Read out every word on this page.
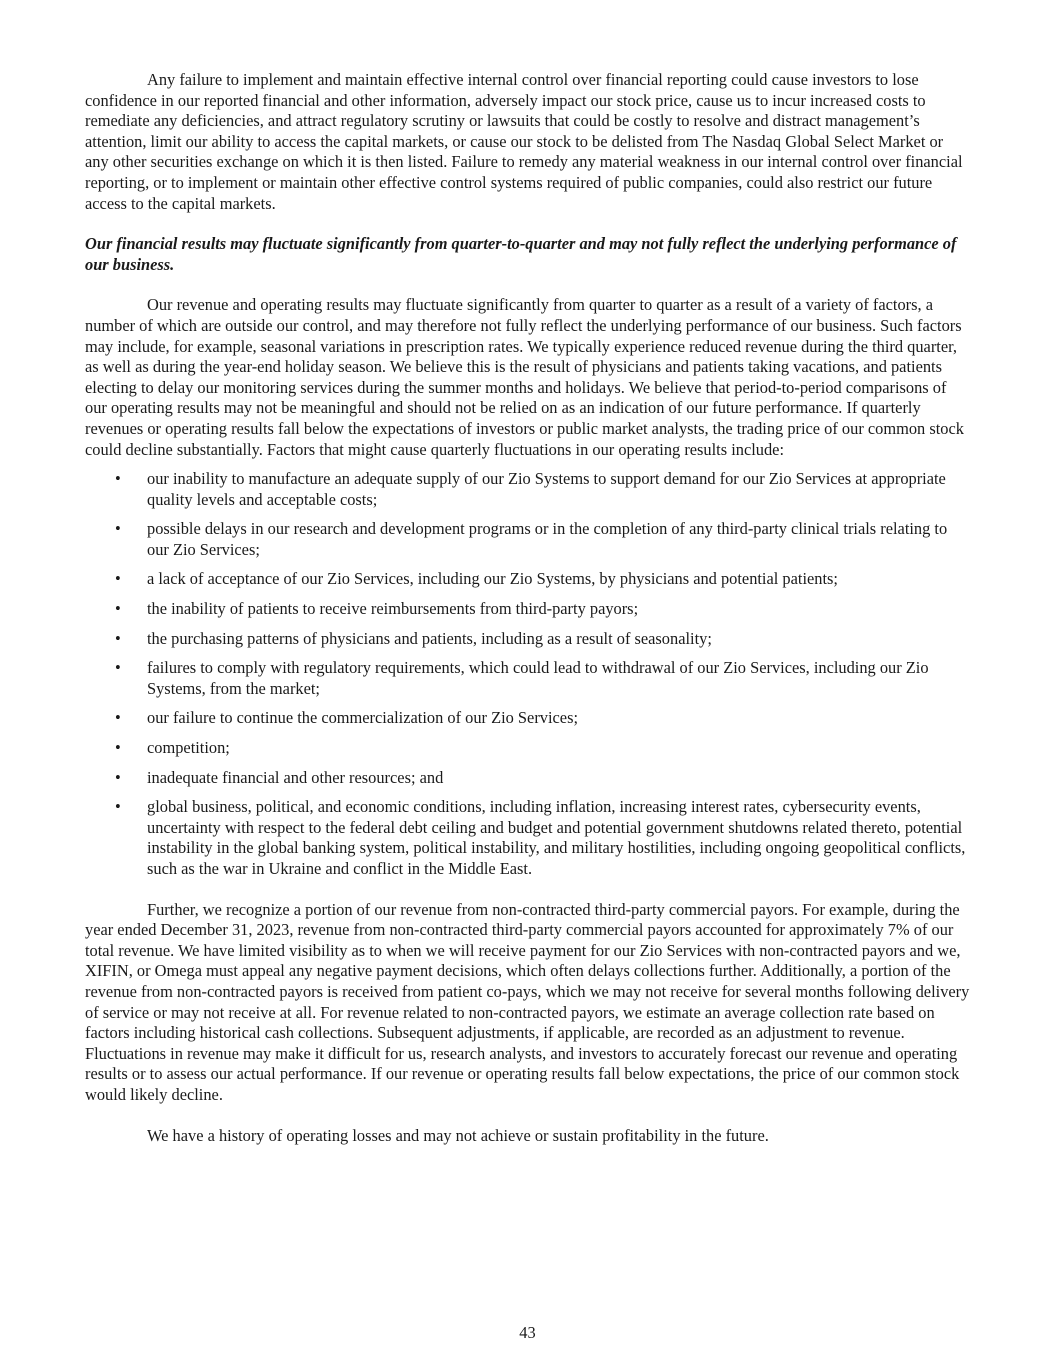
Any failure to implement and maintain effective internal control over financial reporting could cause investors to lose confidence in our reported financial and other information, adversely impact our stock price, cause us to incur increased costs to remediate any deficiencies, and attract regulatory scrutiny or lawsuits that could be costly to resolve and distract management’s attention, limit our ability to access the capital markets, or cause our stock to be delisted from The Nasdaq Global Select Market or any other securities exchange on which it is then listed. Failure to remedy any material weakness in our internal control over financial reporting, or to implement or maintain other effective control systems required of public companies, could also restrict our future access to the capital markets.

Our financial results may fluctuate significantly from quarter-to-quarter and may not fully reflect the underlying performance of our business.

Our revenue and operating results may fluctuate significantly from quarter to quarter as a result of a variety of factors, a number of which are outside our control, and may therefore not fully reflect the underlying performance of our business. Such factors may include, for example, seasonal variations in prescription rates. We typically experience reduced revenue during the third quarter, as well as during the year-end holiday season. We believe this is the result of physicians and patients taking vacations, and patients electing to delay our monitoring services during the summer months and holidays. We believe that period-to-period comparisons of our operating results may not be meaningful and should not be relied on as an indication of our future performance. If quarterly revenues or operating results fall below the expectations of investors or public market analysts, the trading price of our common stock could decline substantially. Factors that might cause quarterly fluctuations in our operating results include:

• our inability to manufacture an adequate supply of our Zio Systems to support demand for our Zio Services at appropriate quality levels and acceptable costs;
• possible delays in our research and development programs or in the completion of any third-party clinical trials relating to our Zio Services;
• a lack of acceptance of our Zio Services, including our Zio Systems, by physicians and potential patients;
• the inability of patients to receive reimbursements from third-party payors;
• the purchasing patterns of physicians and patients, including as a result of seasonality;
• failures to comply with regulatory requirements, which could lead to withdrawal of our Zio Services, including our Zio Systems, from the market;
• our failure to continue the commercialization of our Zio Services;
• competition;
• inadequate financial and other resources; and
• global business, political, and economic conditions, including inflation, increasing interest rates, cybersecurity events, uncertainty with respect to the federal debt ceiling and budget and potential government shutdowns related thereto, potential instability in the global banking system, political instability, and military hostilities, including ongoing geopolitical conflicts, such as the war in Ukraine and conflict in the Middle East.

Further, we recognize a portion of our revenue from non-contracted third-party commercial payors. For example, during the year ended December 31, 2023, revenue from non-contracted third-party commercial payors accounted for approximately 7% of our total revenue. We have limited visibility as to when we will receive payment for our Zio Services with non-contracted payors and we, XIFIN, or Omega must appeal any negative payment decisions, which often delays collections further. Additionally, a portion of the revenue from non-contracted payors is received from patient co-pays, which we may not receive for several months following delivery of service or may not receive at all. For revenue related to non-contracted payors, we estimate an average collection rate based on factors including historical cash collections. Subsequent adjustments, if applicable, are recorded as an adjustment to revenue. Fluctuations in revenue may make it difficult for us, research analysts, and investors to accurately forecast our revenue and operating results or to assess our actual performance. If our revenue or operating results fall below expectations, the price of our common stock would likely decline.

We have a history of operating losses and may not achieve or sustain profitability in the future.

43
